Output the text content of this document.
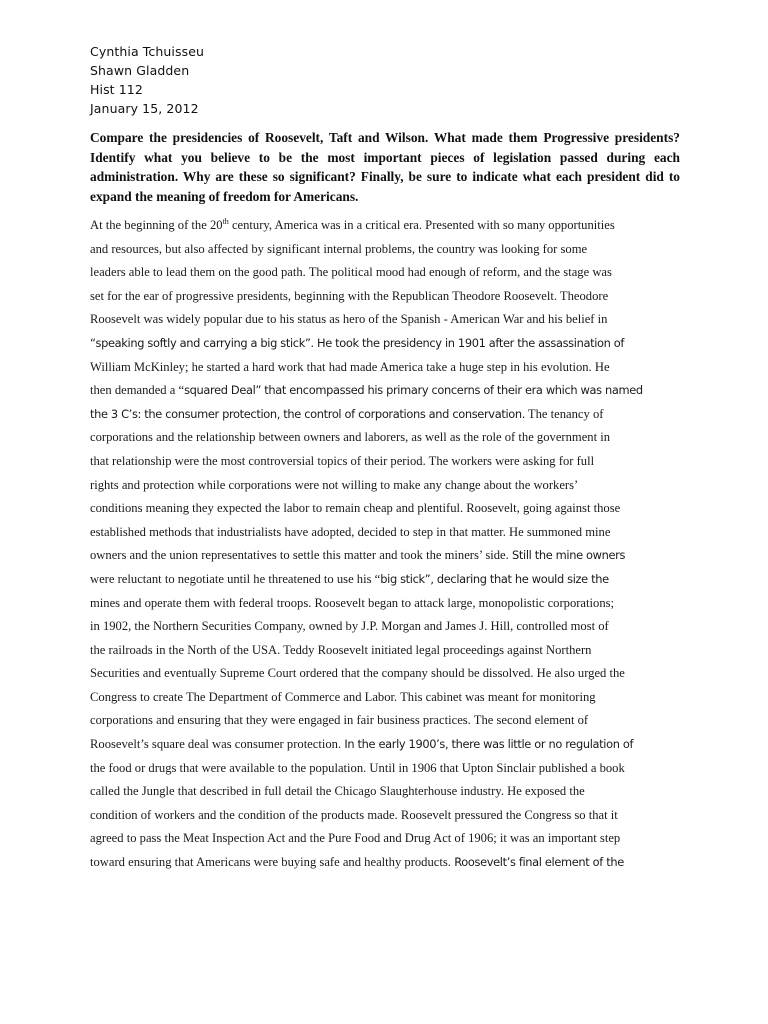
Cynthia Tchuisseu
Shawn Gladden
Hist 112
January 15, 2012
Compare the presidencies of Roosevelt, Taft and Wilson. What made them Progressive presidents? Identify what you believe to be the most important pieces of legislation passed during each administration. Why are these so significant? Finally, be sure to indicate what each president did to expand the meaning of freedom for Americans.
At the beginning of the 20th century, America was in a critical era. Presented with so many opportunities
and resources, but also affected by significant internal problems, the country was looking for some
leaders able to lead them on the good path. The political mood had enough of reform, and the stage was
set for the ear of progressive presidents, beginning with the Republican Theodore Roosevelt. Theodore
Roosevelt was widely popular due to his status as hero of the Spanish - American War and his belief in
“speaking softly and carrying a big stick”. He took the presidency in 1901 after the assassination of
William McKinley; he started a hard work that had made America take a huge step in his evolution. He
then demanded a “squared Deal” that encompassed his primary concerns of their era which was named
the 3 C’s: the consumer protection, the control of corporations and conservation. The tenancy of
corporations and the relationship between owners and laborers, as well as the role of the government in
that relationship were the most controversial topics of their period. The workers were asking for full
rights and protection while corporations were not willing to make any change about the workers’
conditions meaning they expected the labor to remain cheap and plentiful. Roosevelt, going against those
established methods that industrialists have adopted, decided to step in that matter. He summoned mine
owners and the union representatives to settle this matter and took the miners’ side. Still the mine owners
were reluctant to negotiate until he threatened to use his “big stick”, declaring that he would size the
mines and operate them with federal troops. Roosevelt began to attack large, monopolistic corporations;
in 1902, the Northern Securities Company, owned by J.P. Morgan and James J. Hill, controlled most of
the railroads in the North of the USA. Teddy Roosevelt initiated legal proceedings against Northern
Securities and eventually Supreme Court ordered that the company should be dissolved. He also urged the
Congress to create The Department of Commerce and Labor. This cabinet was meant for monitoring
corporations and ensuring that they were engaged in fair business practices. The second element of
Roosevelt’s square deal was consumer protection. In the early 1900’s, there was little or no regulation of
the food or drugs that were available to the population. Until in 1906 that Upton Sinclair published a book
called the Jungle that described in full detail the Chicago Slaughterhouse industry. He exposed the
condition of workers and the condition of the products made. Roosevelt pressured the Congress so that it
agreed to pass the Meat Inspection Act and the Pure Food and Drug Act of 1906; it was an important step
toward ensuring that Americans were buying safe and healthy products. Roosevelt’s final element of the
